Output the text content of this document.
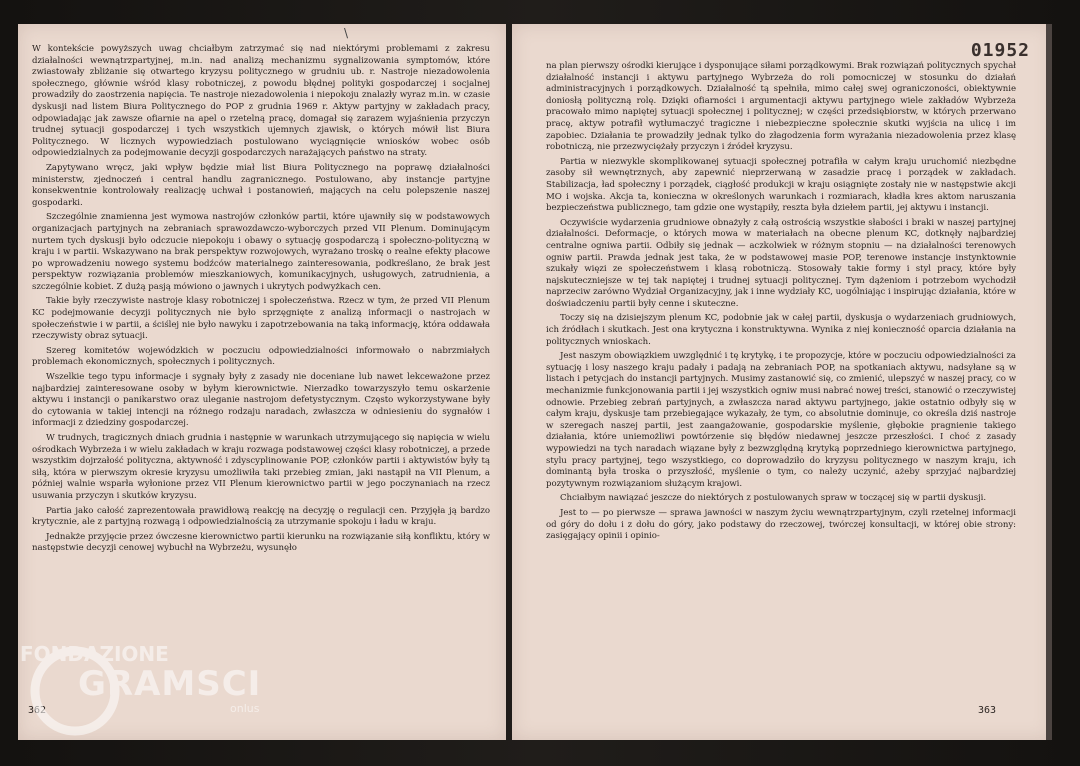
\

W kontekście powyższych uwag chciałbym zatrzymać się nad niektórymi problemami z zakresu działalności wewnątrzpartyjnej, m.in. nad analizą mechanizmu sygnalizowania symptomów, które zwiastowały zbliżanie się otwartego kryzysu politycznego w grudniu ub. r. Nastroje niezadowolenia społecznego, głównie wśród klasy robotniczej, z powodu błędnej polityki gospodarczej i socjalnej prowadziły do zaostrzenia napięcia. Te nastroje niezadowolenia i niepokoju znalazły wyraz m.in. w czasie dyskusji nad listem Biura Politycznego do POP z grudnia 1969 r. Aktyw partyjny w zakładach pracy, odpowiadając jak zawsze ofiarnie na apel o rzetelną pracę, domagał się zarazem wyjaśnienia przyczyn trudnej sytuacji gospodarczej i tych wszystkich ujemnych zjawisk, o których mówił list Biura Politycznego. W licznych wypowiedziach postulowano wyciągnięcie wniosków wobec osób odpowiedzialnych za podejmowanie decyzji gospodarczych narażających państwo na straty.

Zapytywano wręcz, jaki wpływ będzie miał list Biura Politycznego na poprawę działalności ministerstw, zjednoczeń i central handlu zagranicznego. Postulowano, aby instancje partyjne konsekwentnie kontrolowały realizację uchwał i postanowień, mających na celu polepszenie naszej gospodarki.

Szczególnie znamienna jest wymowa nastrojów członków partii, które ujawniły się w podstawowych organizacjach partyjnych na zebraniach sprawozdawczo-wyborczych przed VII Plenum. Dominującym nurtem tych dyskusji było odczucie niepokoju i obawy o sytuację gospodarczą i społeczno-polityczną w kraju i w partii. Wskazywano na brak perspektyw rozwojowych, wyrażano troskę o realne efekty płacowe po wprowadzeniu nowego systemu bodźców materialnego zainteresowania, podkreślano, że brak jest perspektyw rozwiązania problemów mieszkaniowych, komunikacyjnych, usługowych, zatrudnienia, a szczególnie kobiet. Z dużą pasją mówiono o jawnych i ukrytych podwyżkach cen.

Takie były rzeczywiste nastroje klasy robotniczej i społeczeństwa. Rzecz w tym, że przed VII Plenum KC podejmowanie decyzji politycznych nie było sprzęgnięte z analizą informacji o nastrojach w społeczeństwie i w partii, a ściślej nie było nawyku i zapotrzebowania na taką informację, która oddawała rzeczywisty obraz sytuacji.

Szereg komitetów wojewódzkich w poczuciu odpowiedzialności informowało o nabrzmiałych problemach ekonomicznych, społecznych i politycznych.

Wszelkie tego typu informacje i sygnały były z zasady nie doceniane lub nawet lekceważone przez najbardziej zainteresowane osoby w byłym kierownictwie. Nierzadko towarzyszyło temu oskarżenie aktywu i instancji o panikarstwo oraz uleganie nastrojom defetystycznym. Często wykorzystywane były do cytowania w takiej intencji na różnego rodzaju naradach, zwłaszcza w odniesieniu do sygnałów i informacji z dziedziny gospodarczej.

W trudnych, tragicznych dniach grudnia i następnie w warunkach utrzymującego się napięcia w wielu ośrodkach Wybrzeża i w wielu zakładach w kraju rozwaga podstawowej części klasy robotniczej, a przede wszystkim dojrzałość polityczna, aktywność i zdyscyplinowanie POP, członków partii i aktywistów były tą siłą, która w pierwszym okresie kryzysu umożliwiła taki przebieg zmian, jaki nastąpił na VII Plenum, a później walnie wsparła wyłonione przez VII Plenum kierownictwo partii w jego poczynaniach na rzecz usuwania przyczyn i skutków kryzysu.

Partia jako całość zaprezentowała prawidłową reakcję na decyzję o regulacji cen. Przyjęła ją bardzo krytycznie, ale z partyjną rozwagą i odpowiedzialnością za utrzymanie spokoju i ładu w kraju.

Jednakże przyjęcie przez ówczesne kierownictwo partii kierunku na rozwiązanie siłą konfliktu, który w następstwie decyzji cenowej wybuchł na Wybrzeżu, wysunęło

362
01952

na plan pierwszy ośrodki kierujące i dysponujące siłami porządkowymi. Brak rozwiązań politycznych spychał działalność instancji i aktywu partyjnego Wybrzeża do roli pomocniczej w stosunku do działań administracyjnych i porządkowych. Działalność tą spełniła, mimo całej swej ograniczoności, obiektywnie doniosłą polityczną rolę. Dzięki ofiarności i argumentacji aktywu partyjnego wiele zakładów Wybrzeża pracowało mimo napiętej sytuacji społecznej i politycznej; w części przedsiębiorstw, w których przerwano pracę, aktyw potrafił wytłumaczyć tragiczne i niebezpieczne społecznie skutki wyjścia na ulicę i im zapobiec. Działania te prowadziły jednak tylko do złagodzenia form wyrażania niezadowolenia przez klasę robotniczą, nie przezwyciężały przyczyn i źródeł kryzysu.

Partia w niezwykle skomplikowanej sytuacji społecznej potrafiła w całym kraju uruchomić niezbędne zasoby sił wewnętrznych, aby zapewnić nieprzerwaną w zasadzie pracę i porządek w zakładach. Stabilizacja, ład społeczny i porządek, ciągłość produkcji w kraju osiągnięte zostały nie w następstwie akcji MO i wojska. Akcja ta, konieczna w określonych warunkach i rozmiarach, kładła kres aktom naruszania bezpieczeństwa publicznego, tam gdzie one wystąpiły, reszta była dziełem partii, jej aktywu i instancji.

Oczywiście wydarzenia grudniowe obnażyły z całą ostrością wszystkie słabości i braki w naszej partyjnej działalności. Deformacje, o których mowa w materiałach na obecne plenum KC, dotknęły najbardziej centralne ogniwa partii. Odbiły się jednak — aczkolwiek w różnym stopniu — na działalności terenowych ogniw partii. Prawda jednak jest taka, że w podstawowej masie POP, terenowe instancje instynktownie szukały więzi ze społeczeństwem i klasą robotniczą. Stosowały takie formy i styl pracy, które były najskuteczniejsze w tej tak napiętej i trudnej sytuacji politycznej. Tym dążeniom i potrzebom wychodził naprzeciw zarówno Wydział Organizacyjny, jak i inne wydziały KC, uogólniając i inspirując działania, które w doświadczeniu partii były cenne i skuteczne.

Toczy się na dzisiejszym plenum KC, podobnie jak w całej partii, dyskusja o wydarzeniach grudniowych, ich źródłach i skutkach. Jest ona krytyczna i konstruktywna. Wynika z niej konieczność oparcia działania na politycznych wnioskach.

Jest naszym obowiązkiem uwzględnić i tę krytykę, i te propozycje, które w poczuciu odpowiedzialności za sytuację i losy naszego kraju padały i padają na zebraniach POP, na spotkaniach aktywu, nadsyłane są w listach i petycjach do instancji partyjnych. Musimy zastanowić się, co zmienić, ulepszyć w naszej pracy, co w mechanizmie funkcjonowania partii i jej wszystkich ogniw musi nabrać nowej treści, stanowić o rzeczywistej odnowie. Przebieg zebrań partyjnych, a zwłaszcza narad aktywu partyjnego, jakie ostatnio odbyły się w całym kraju, dyskusje tam przebiegające wykazały, że tym, co absolutnie dominuje, co określa dziś nastroje w szeregach naszej partii, jest zaangażowanie, gospodarskie myślenie, głębokie pragnienie takiego działania, które uniemożliwi powtórzenie się błędów niedawnej jeszcze przeszłości. I choć z zasady wypowiedzi na tych naradach wiązane były z bezwzględną krytyką poprzedniego kierownictwa partyjnego, stylu pracy partyjnej, tego wszystkiego, co doprowadziło do kryzysu politycznego w naszym kraju, ich dominantą była troska o przyszłość, myślenie o tym, co należy uczynić, ażeby sprzyjać najbardziej pozytywnym rozwiązaniom służącym krajowi.

Chciałbym nawiązać jeszcze do niektórych z postulowanych spraw w toczącej się w partii dyskusji.

Jest to — po pierwsze — sprawa jawności w naszym życiu wewnątrzpartyjnym, czyli rzetelnej informacji od góry do dołu i z dołu do góry, jako podstawy do rzeczowej, twórczej konsultacji, w której obie strony: zasięgający opinii i opinio-

363
FONDAZIONE
GRAMSCI
onlus
